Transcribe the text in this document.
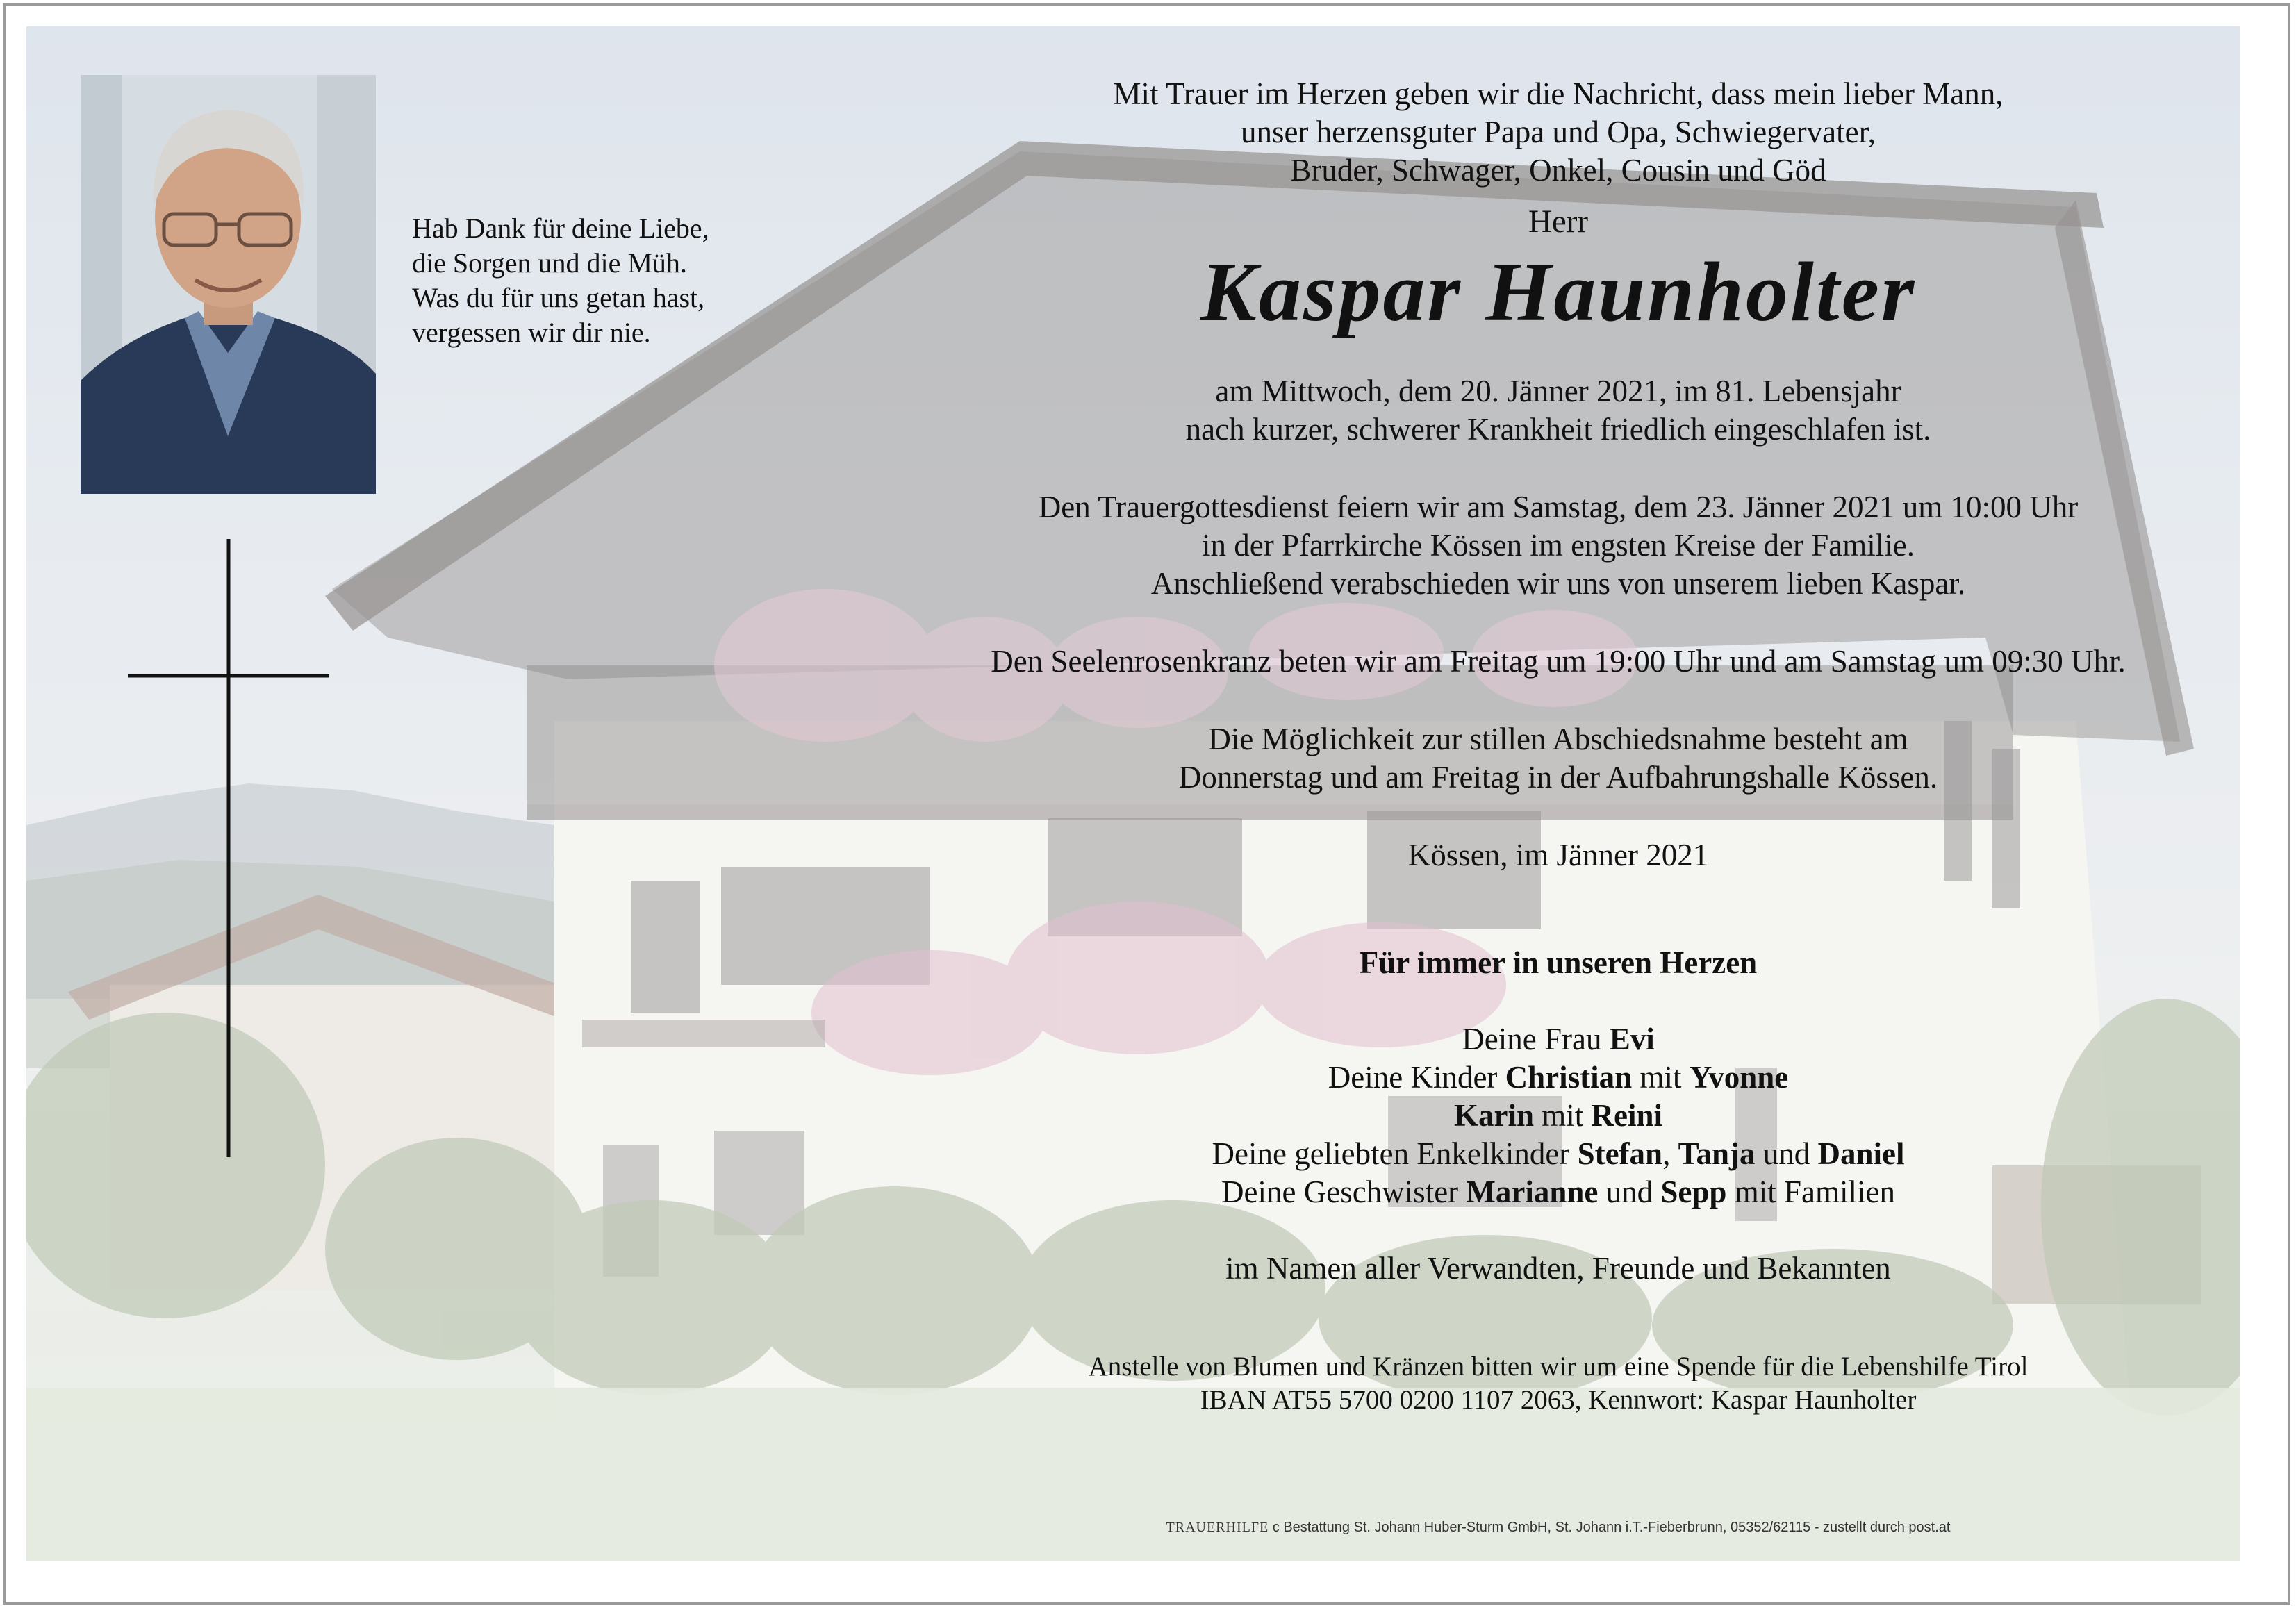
Hab Dank für deine Liebe,
die Sorgen und die Müh.
Was du für uns getan hast,
vergessen wir dir nie.
Mit Trauer im Herzen geben wir die Nachricht, dass mein lieber Mann,
unser herzensguter Papa und Opa, Schwiegervater,
Bruder, Schwager, Onkel, Cousin und Göd
Herr
Kaspar Haunholter
am Mittwoch, dem 20. Jänner 2021, im 81. Lebensjahr
nach kurzer, schwerer Krankheit friedlich eingeschlafen ist.
Den Trauergottesdienst feiern wir am Samstag, dem 23. Jänner 2021 um 10:00 Uhr
in der Pfarrkirche Kössen im engsten Kreise der Familie.
Anschließend verabschieden wir uns von unserem lieben Kaspar.
Den Seelenrosenkranz beten wir am Freitag um 19:00 Uhr und am Samstag um 09:30 Uhr.
Die Möglichkeit zur stillen Abschiedsnahme besteht am
Donnerstag und am Freitag in der Aufbahrungshalle Kössen.
Kössen, im Jänner 2021
Für immer in unseren Herzen
Deine Frau Evi
Deine Kinder Christian mit Yvonne
Karin mit Reini
Deine geliebten Enkelkinder Stefan, Tanja und Daniel
Deine Geschwister Marianne und Sepp mit Familien
im Namen aller Verwandten, Freunde und Bekannten
Anstelle von Blumen und Kränzen bitten wir um eine Spende für die Lebenshilfe Tirol
IBAN AT55 5700 0200 1107 2063, Kennwort: Kaspar Haunholter
TRAUERHILFE c Bestattung St. Johann Huber-Sturm GmbH, St. Johann i.T.-Fieberbrunn, 05352/62115 - zustellt durch post.at
